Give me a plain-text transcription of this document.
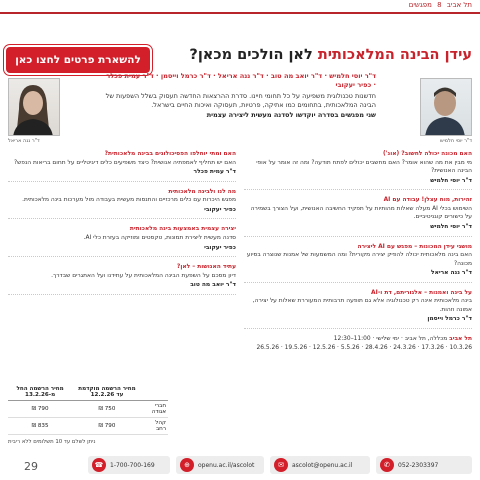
תל אביב 8 מפגשים
עידן הבינה המלאכותית לאן הולכים מכאן?
להשארת פרטים לחצו כאן
ד"ר יוסי חלמיש
ד"ר ננה אריאל
ד"ר יוסי חלמיש · ד"ר יואב מה טוב · ד"ר ננה אריאל · ד"ר כרמל וייסמן · ד"ר עמית פכלר · כפיר יעקובי
חדשנות טכנולוגית משפיעה על כל תחומי חיינו. סדרת ההרצאות החדשה תעסוק בשלל השפעות של הבינה המלאכותית, בתחומים כמו אתיקה, פרטיות, תעסוקה ואיכות החיים בישראל.
שני מפגשים בסדרה יוקדשו לסדנה מעשית ליצירה עצמית
האם מכונה יכולה לחשוב? (אונ')
מי מבין את מה שהוא אומר? האם מחשבים יכולים לפתח תודעה? ומה זה אומר על אופי הבינה האנושית?
ד"ר יוסי חלמיש
זהירות, מוח עצלן! עבודה עם AI
השימוש בכלי AI מעלה שאלות מהותיות על תפקיד החשיבה האנושית, ועל הצורך בשמירה על כישורים קוגניטיביים.
ד"ר יוסי חלמיש
מושגי עידן המכונות – מפגש עם AI ליצירה
האם בינה מלאכותית יכולה להפיק יצירה מקורית? ומה המשמעות של אמנות שנוצרה בסיוע מכונה?
ד"ר ננה אריאל
על בינה ואמנות – אלגוריתם, דת ו-AI
בינה מלאכותית אינה רק טכנולוגיה אלא גם תופעה תרבותית המעוררת שאלות על יצירה, אמונה וזהות.
ד"ר כרמל וייסמן
תל אביב מכללה, תל אביב · ימי שלישי · 11:00–12:30
10.3.26 · 17.3.26 · 24.3.26 · 28.4.26 · 5.5.26 · 12.5.26 · 19.5.26 · 26.5.26
האם ומתי יוחלפו הפסיכולוגים בבינה מלאכותית?
האם יש תחליף לאמפתיה אנושית? כיצד משפיעים כלים דיגיטליים על תחום בריאות הנפש?
ד"ר עמית פכלר
מה לנו ולבינה מלאכותית
מפגש היכרות עם כלים מרכזיים והתנסות מעשית בעבודה מול מערכות בינה מלאכותית.
כפיר יעקובי
יצירה עצמית באמצעות בינה מלאכותית
סדנה מעשית ליצירת תמונות, טקסטים ומוזיקה בעזרת כלי AI.
כפיר יעקובי
עתיד האנושות – לאן?
דיון מסכם על השפעת הבינה המלאכותית על עתידנו ועל האתגרים שבדרך.
ד"ר יואב מה טוב
	מחיר הרשמה מוקדמת עד 12.2.26	מחיר הרשמה החל מ-13.2.26
חברי אגודה	750 ₪	790 ₪
קהל רחב	790 ₪	835 ₪
ניתן לשלם עד 10 תשלומים ללא ריבית
29	☎	1-700-700-169	⊕	openu.ac.il/ascolot	✉	ascolot@openu.ac.il	✆	052-2303397
